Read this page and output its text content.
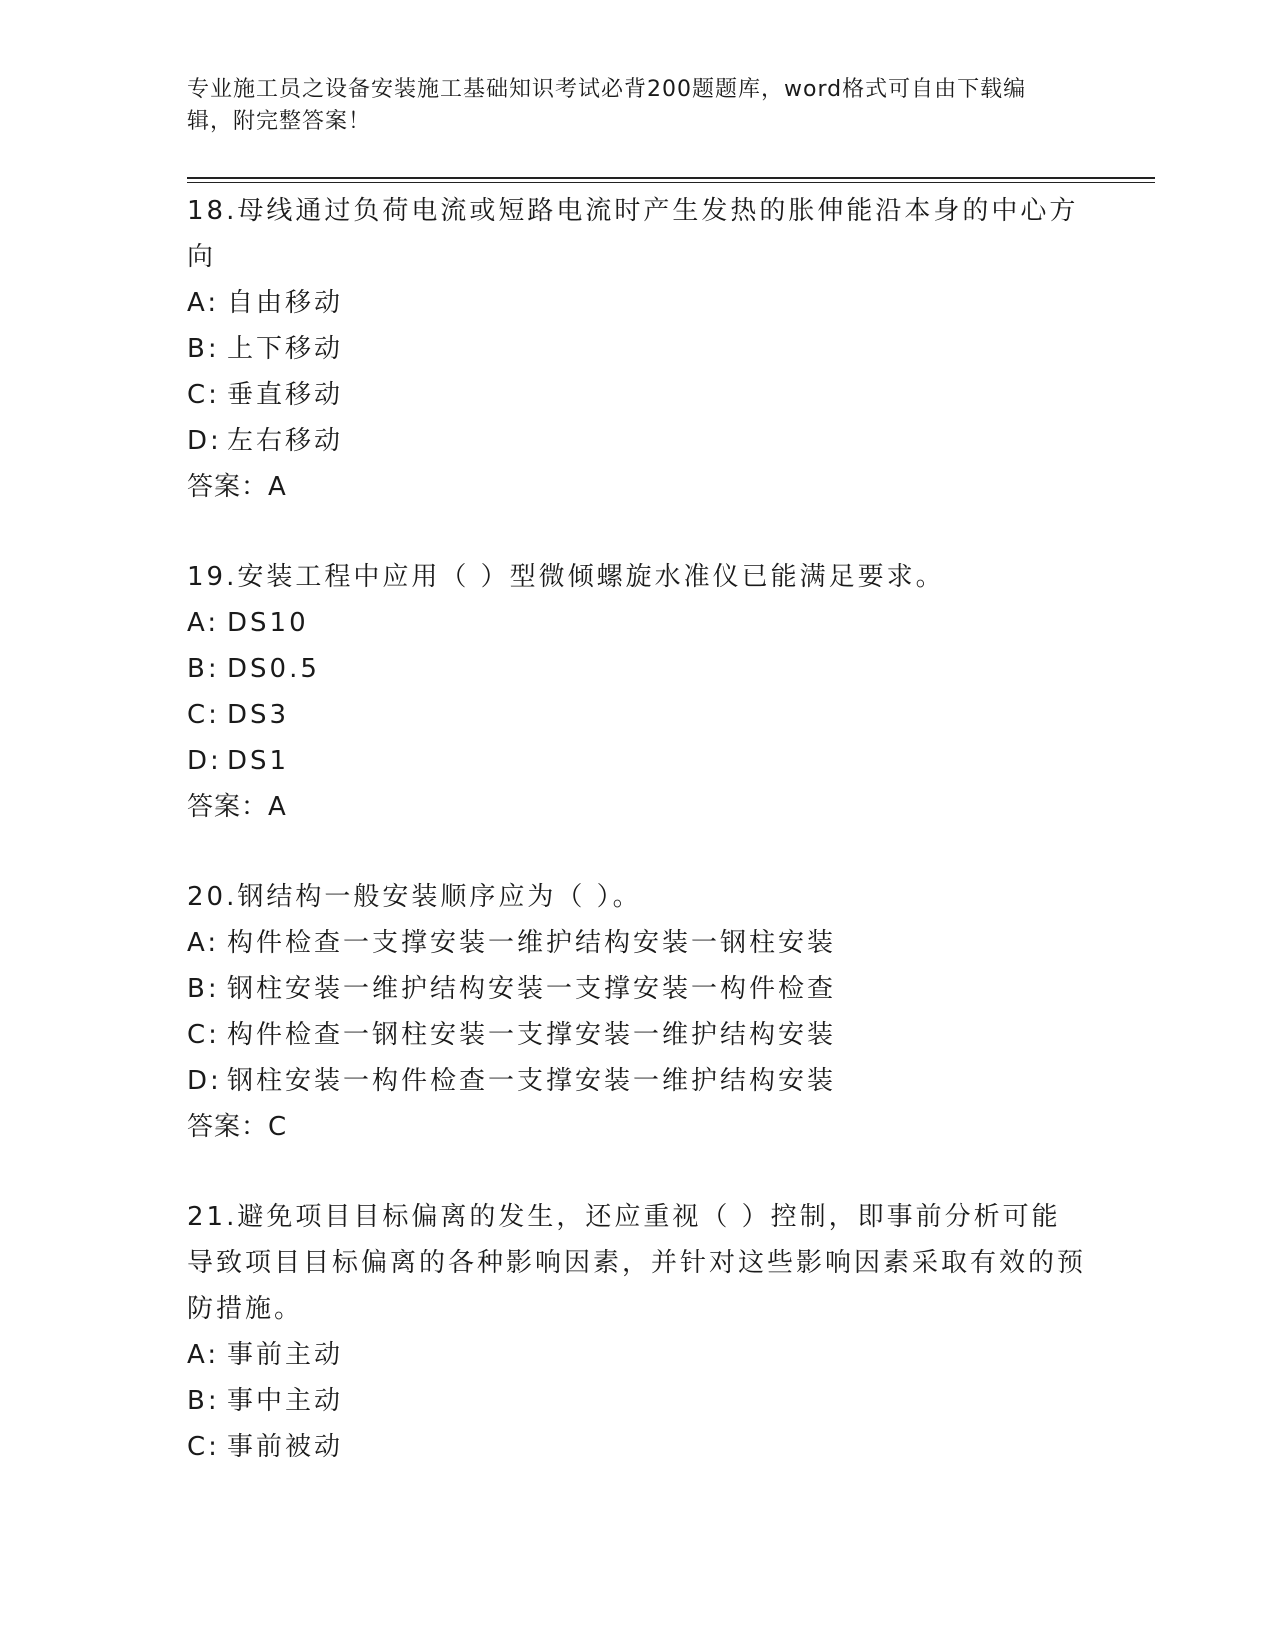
专业施工员之设备安装施工基础知识考试必背200题题库，word格式可自由下载编辑，附完整答案！

18.母线通过负荷电流或短路电流时产生发热的胀伸能沿本身的中心方向

A: 自由移动

B: 上下移动

C: 垂直移动

D: 左右移动

答案：A

19.安装工程中应用（ ）型微倾螺旋水准仪已能满足要求。

A: DS10

B: DS0.5

C: DS3

D: DS1

答案：A

20.钢结构一般安装顺序应为（ ）。

A: 构件检查一支撑安装一维护结构安装一钢柱安装

B: 钢柱安装一维护结构安装一支撑安装一构件检查

C: 构件检查一钢柱安装一支撑安装一维护结构安装

D: 钢柱安装一构件检查一支撑安装一维护结构安装

答案：C

21.避免项目目标偏离的发生，还应重视（ ）控制，即事前分析可能导致项目目标偏离的各种影响因素，并针对这些影响因素采取有效的预防措施。

A: 事前主动

B: 事中主动

C: 事前被动
